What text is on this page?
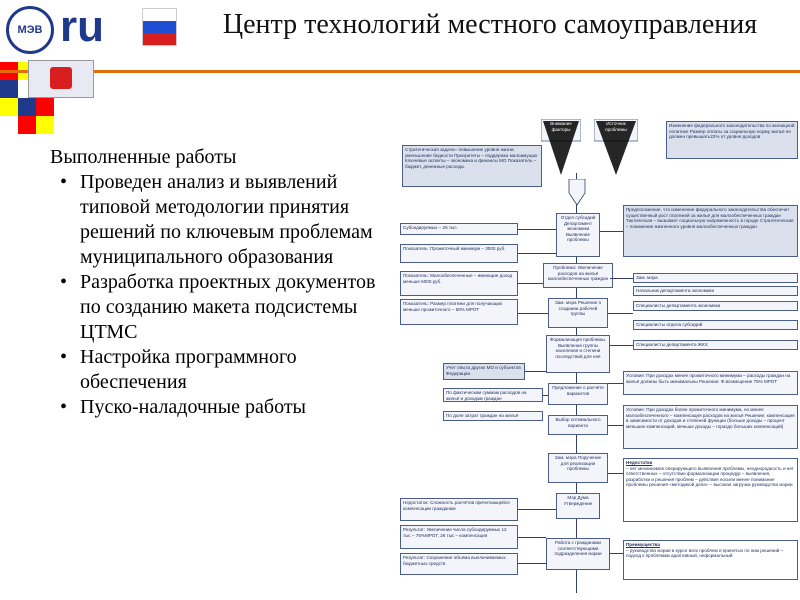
МЭВ ru	Центр технологий местного самоуправления
Выполненные работы
• Проведен анализ и выявлений типовой методологии принятия решений по ключевым проблемам муниципального образования
• Разработка проектных документов по созданию макета подсистемы ЦТМС
• Настройка программного обеспечения
• Пуско-наладочные работы
Внимание факторы
Источник проблемы
Стратегическая задача– повышение уровня жизни, уменьшение бедности Приоритеты – поддержка малоимущих Ключевые аспекты – экономика и финансы МО Показатель – бюджет, денежные расходы
Изменение федерального законодательства по жилищной политике Размер оплаты за социальную норму жилья не должен превышать22% от уровня доходов
Отдел субсидий Департамент экономики Выявление проблемы
Предположение, что изменение федерального законодательства обеспечит существенный рост платежей за жильё для малообеспеченных граждан Тактическая – вызывает социальную напряженность в городе Стратегическая – понижение жизненного уровня малообеспеченных граждан
Субсидируемых – 26 тыс.
Показатель: Прожиточный минимум – 3000 руб.
Показатель: Малообеспеченные – имеющие доход меньше 5000 руб.
Показатель: Размер платежи для получающих меньше прожиточного – 50% МРОТ
Проблема: Увеличение расходов на жильё малообеспеченных граждан	Зам. мэра
Начальник департамента экономики
Специалисты департамента экономики
Специалисты отдела субсидий
Специалисты департамента ЖКХ
Зам. мэра Решение о создании рабочей группы
Формализация проблемы. Выявление группы населения и степени последствий для неё
Учет опыта других МО и субъектов Федерации
По фактическим суммам расходов на жильё и доходам граждан
По доле затрат граждан на жильё
Предложение о расчёте вариантов
Условие: При доходах менее прожиточного минимума – расходы граждан на жильё должны быть минимальны Решение: Ф.возмещение 75% МРОТ
Условие: При доходах более прожиточного минимума, но менее малообеспеченного – компенсация расходов на жильё Решение: компенсация в зависимости от доходов и степеней функции (больше доходы – процент меньших компенсаций, меньше доходы – гораздо больших компенсаций)
Выбор оптимального варианта
Зам. мэра Поручение для реализации проблемы
Недостатки
– нет механизмов оперирующего выявления проблемы, неоднородность и нет ответственных – отсутствие формализации процедур – выявления, разработки и решения проблем – действия носили менее понимание проблемы решения «методикой дела» – высокая загрузка руководства мэрии
Мэр Дума Утверждение
Недостаток: Сложность расчётов причитающейся компенсации гражданам
Результат: Увеличение числа субсидируемых 12 тыс – 75%МРОТ, 26 тыс – компенсация
Результат: Сохранение объёма выплачиваемых бюджетных средств
Работа с гражданами соответствующими подразделения мэрии
Преимущества
– руководство мэрии в курсе всех проблем и принятых по ним решений – подход к проблемам адаптивный, неформальный
